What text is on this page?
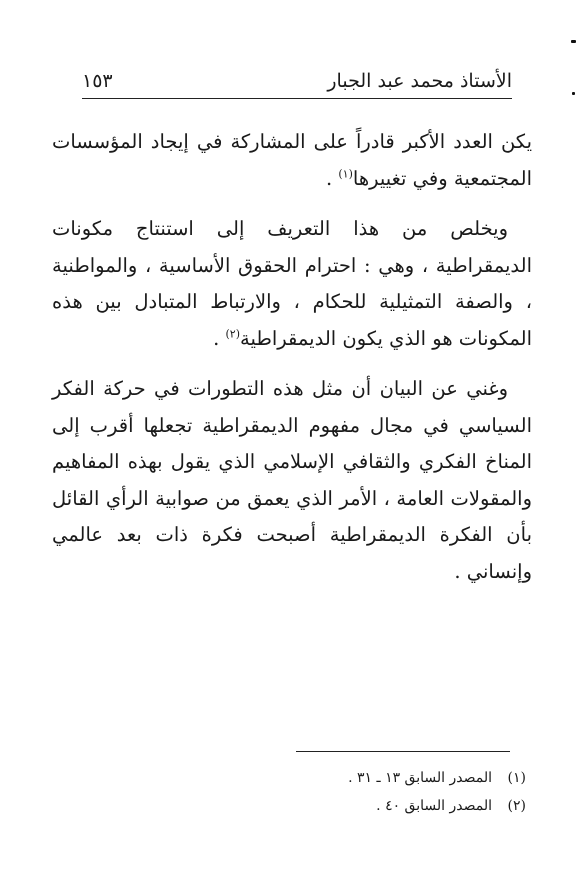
الأستاذ محمد عبد الجبار
١٥٣

يكن العدد الأكبر قادراً على المشاركة في إيجاد المؤسسات المجتمعية وفي تغييرها$^{(١)}$ .

ويخلص من هذا التعريف إلى استنتاج مكونات الديمقراطية ، وهي : احترام الحقوق الأساسية ، والمواطنية ، والصفة التمثيلية للحكام ، والارتباط المتبادل بين هذه المكونات هو الذي يكون الديمقراطية$^{(٢)}$ .

وغني عن البيان أن مثل هذه التطورات في حركة الفكر السياسي في مجال مفهوم الديمقراطية تجعلها أقرب إلى المناخ الفكري والثقافي الإسلامي الذي يقول بهذه المفاهيم والمقولات العامة ، الأمر الذي يعمق من صوابية الرأي القائل بأن الفكرة الديمقراطية أصبحت فكرة ذات بعد عالمي وإنساني .

(١)
المصدر السابق ١٣ ـ ٣١ .
(٢)
المصدر السابق ٤٠ .
